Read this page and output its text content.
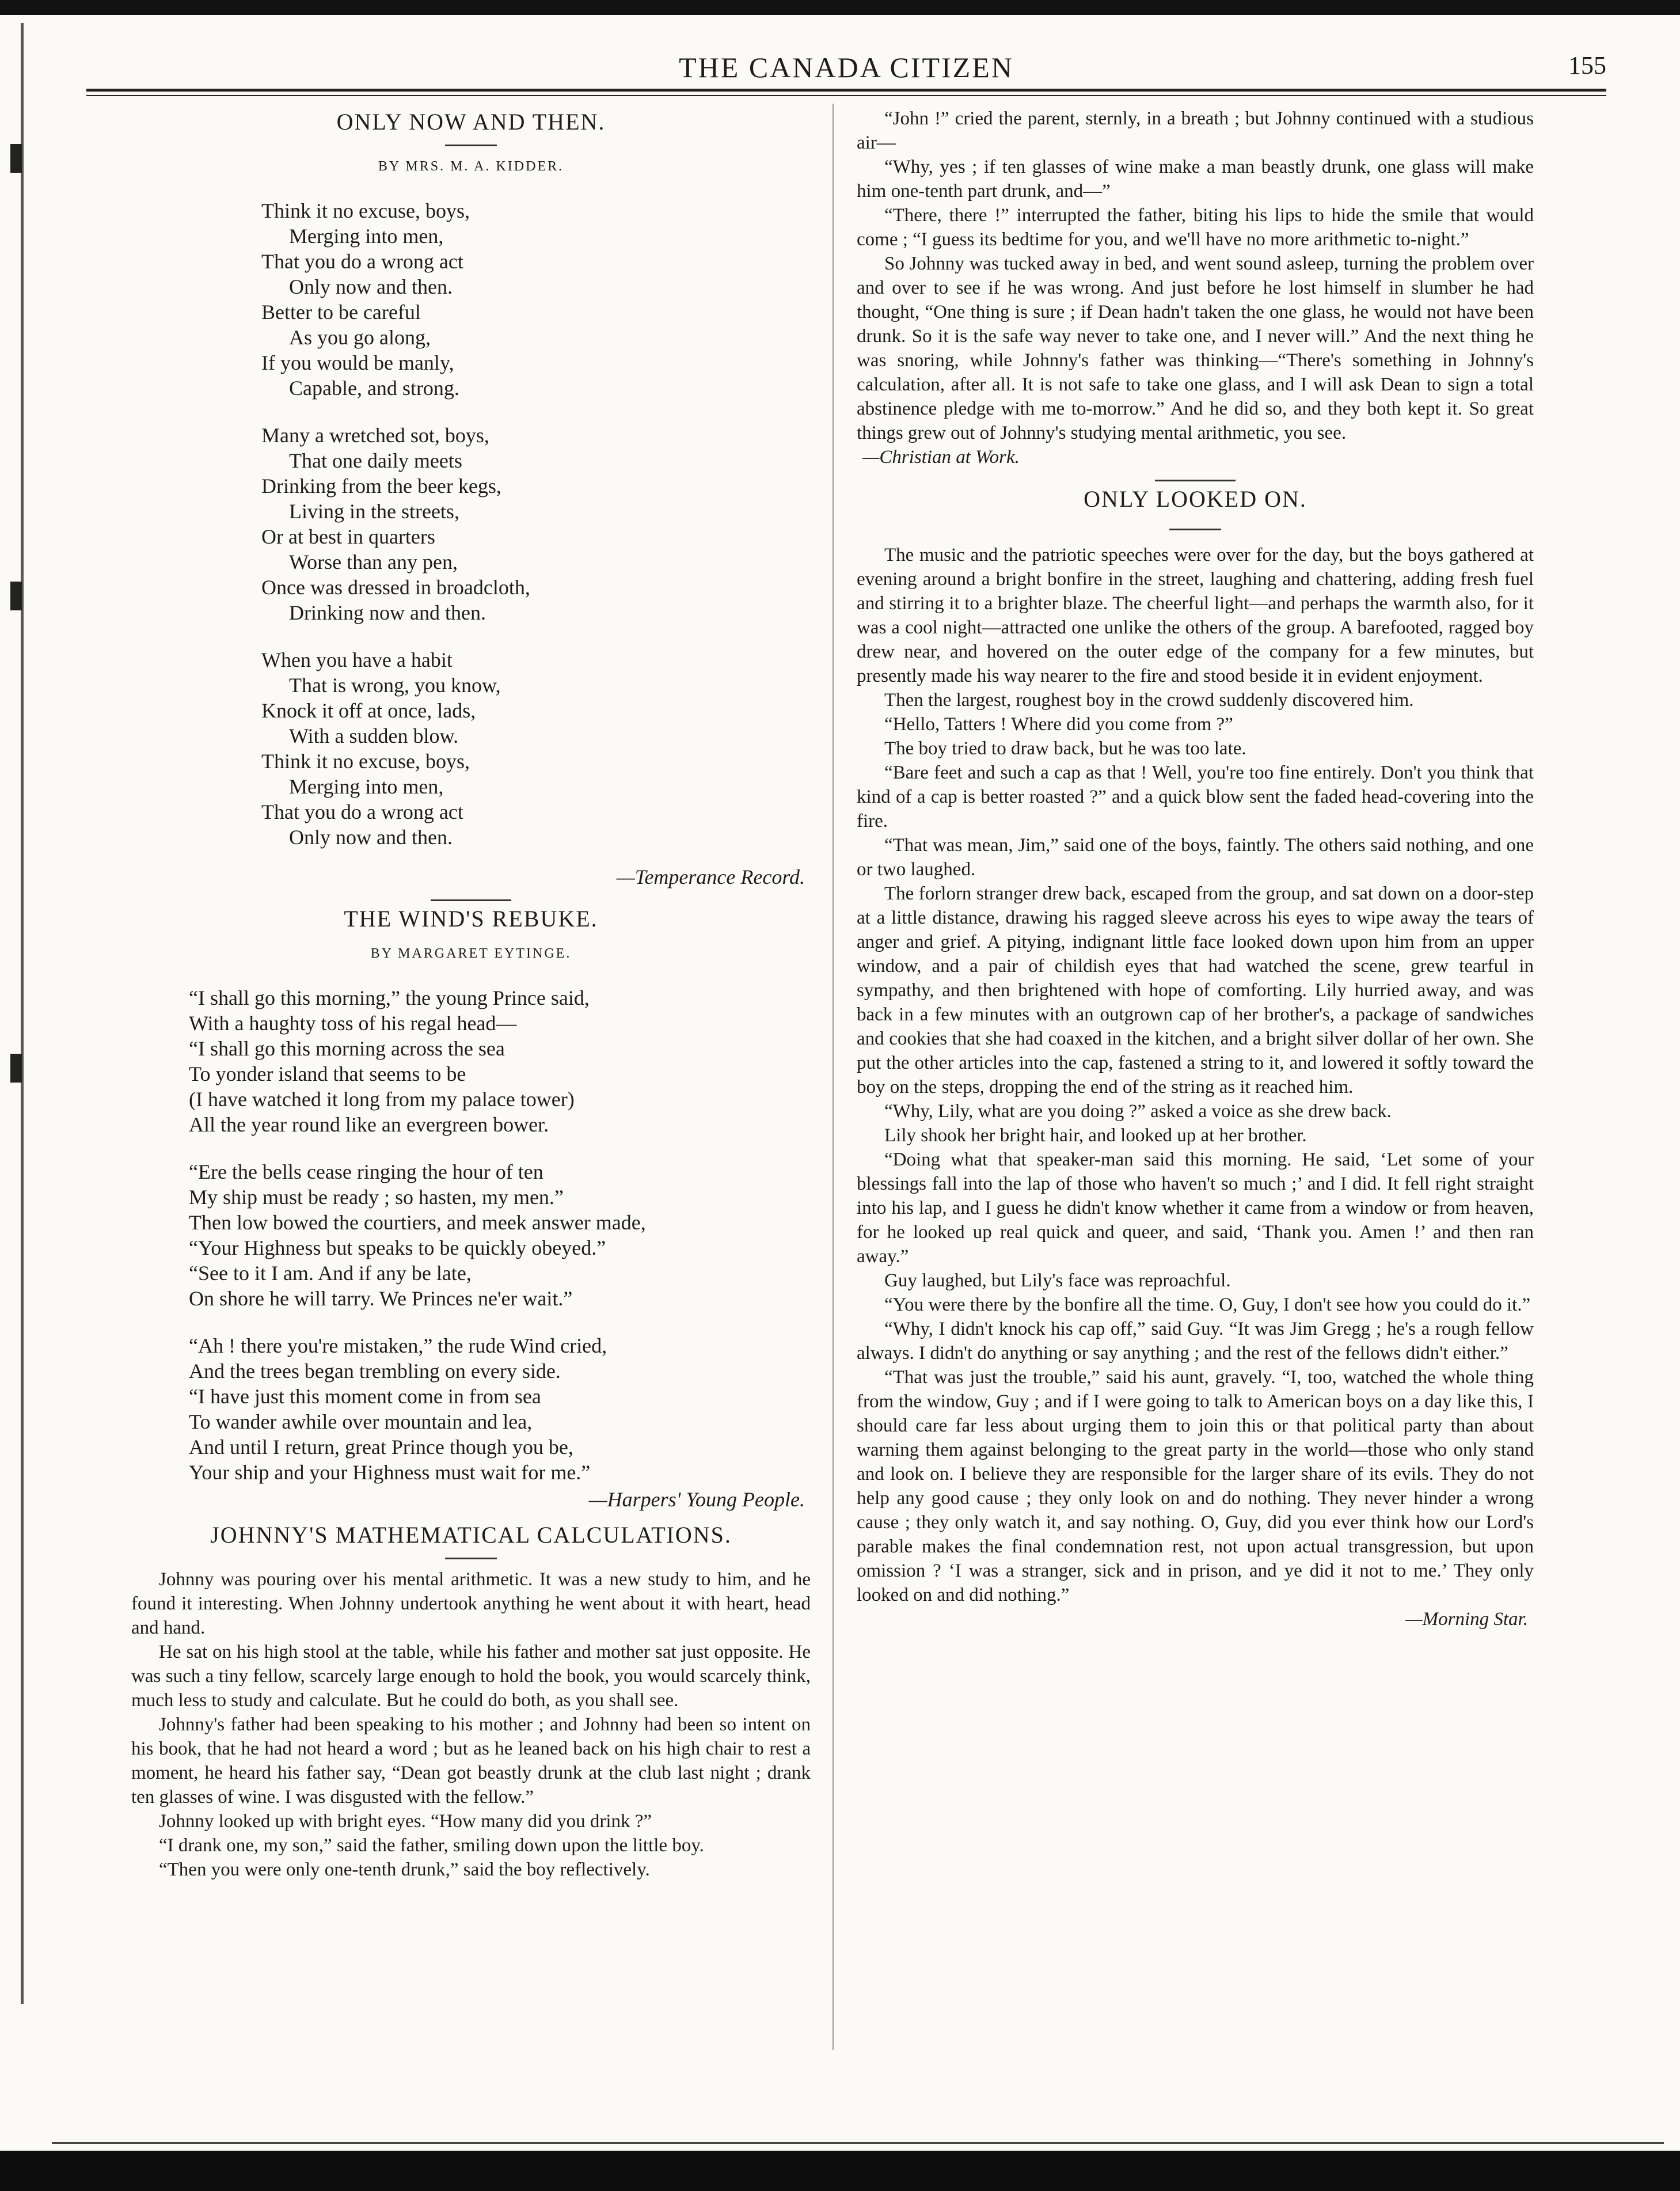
THE CANADA CITIZEN	155
ONLY NOW AND THEN.
BY MRS. M. A. KIDDER.
Think it no excuse, boys,
Merging into men,
That you do a wrong act
Only now and then.
Better to be careful
As you go along,
If you would be manly,
Capable, and strong.
Many a wretched sot, boys,
That one daily meets
Drinking from the beer kegs,
Living in the streets,
Or at best in quarters
Worse than any pen,
Once was dressed in broadcloth,
Drinking now and then.
When you have a habit
That is wrong, you know,
Knock it off at once, lads,
With a sudden blow.
Think it no excuse, boys,
Merging into men,
That you do a wrong act
Only now and then.
—Temperance Record.
THE WIND'S REBUKE.
BY MARGARET EYTINGE.
“I shall go this morning,” the young Prince said,
With a haughty toss of his regal head—
“I shall go this morning across the sea
To yonder island that seems to be
(I have watched it long from my palace tower)
All the year round like an evergreen bower.
“Ere the bells cease ringing the hour of ten
My ship must be ready ; so hasten, my men.”
Then low bowed the courtiers, and meek answer made,
“Your Highness but speaks to be quickly obeyed.”
“See to it I am. And if any be late,
On shore he will tarry. We Princes ne'er wait.”
“Ah ! there you're mistaken,” the rude Wind cried,
And the trees began trembling on every side.
“I have just this moment come in from sea
To wander awhile over mountain and lea,
And until I return, great Prince though you be,
Your ship and your Highness must wait for me.”
—Harpers' Young People.
JOHNNY'S MATHEMATICAL CALCULATIONS.

Johnny was pouring over his mental arithmetic. It was a new study to him, and he found it interesting. When Johnny undertook anything he went about it with heart, head and hand.

He sat on his high stool at the table, while his father and mother sat just opposite. He was such a tiny fellow, scarcely large enough to hold the book, you would scarcely think, much less to study and calculate. But he could do both, as you shall see.

Johnny's father had been speaking to his mother ; and Johnny had been so intent on his book, that he had not heard a word ; but as he leaned back on his high chair to rest a moment, he heard his father say, “Dean got beastly drunk at the club last night ; drank ten glasses of wine. I was disgusted with the fellow.”

Johnny looked up with bright eyes. “How many did you drink ?”

“I drank one, my son,” said the father, smiling down upon the little boy.

“Then you were only one-tenth drunk,” said the boy reflectively.

“John !” cried the parent, sternly, in a breath ; but Johnny continued with a studious air—

“Why, yes ; if ten glasses of wine make a man beastly drunk, one glass will make him one-tenth part drunk, and—”

“There, there !” interrupted the father, biting his lips to hide the smile that would come ; “I guess its bedtime for you, and we'll have no more arithmetic to-night.”

So Johnny was tucked away in bed, and went sound asleep, turning the problem over and over to see if he was wrong. And just before he lost himself in slumber he had thought, “One thing is sure ; if Dean hadn't taken the one glass, he would not have been drunk. So it is the safe way never to take one, and I never will.” And the next thing he was snoring, while Johnny's father was thinking—“There's something in Johnny's calculation, after all. It is not safe to take one glass, and I will ask Dean to sign a total abstinence pledge with me to-morrow.” And he did so, and they both kept it. So great things grew out of Johnny's studying mental arithmetic, you see.

—Christian at Work.
ONLY LOOKED ON.

The music and the patriotic speeches were over for the day, but the boys gathered at evening around a bright bonfire in the street, laughing and chattering, adding fresh fuel and stirring it to a brighter blaze. The cheerful light—and perhaps the warmth also, for it was a cool night—attracted one unlike the others of the group. A barefooted, ragged boy drew near, and hovered on the outer edge of the company for a few minutes, but presently made his way nearer to the fire and stood beside it in evident enjoyment.

Then the largest, roughest boy in the crowd suddenly discovered him.

“Hello, Tatters ! Where did you come from ?”

The boy tried to draw back, but he was too late.

“Bare feet and such a cap as that ! Well, you're too fine entirely. Don't you think that kind of a cap is better roasted ?” and a quick blow sent the faded head-covering into the fire.

“That was mean, Jim,” said one of the boys, faintly. The others said nothing, and one or two laughed.

The forlorn stranger drew back, escaped from the group, and sat down on a door-step at a little distance, drawing his ragged sleeve across his eyes to wipe away the tears of anger and grief. A pitying, indignant little face looked down upon him from an upper window, and a pair of childish eyes that had watched the scene, grew tearful in sympathy, and then brightened with hope of comforting. Lily hurried away, and was back in a few minutes with an outgrown cap of her brother's, a package of sandwiches and cookies that she had coaxed in the kitchen, and a bright silver dollar of her own. She put the other articles into the cap, fastened a string to it, and lowered it softly toward the boy on the steps, dropping the end of the string as it reached him.

“Why, Lily, what are you doing ?” asked a voice as she drew back.

Lily shook her bright hair, and looked up at her brother.

“Doing what that speaker-man said this morning. He said, ‘Let some of your blessings fall into the lap of those who haven't so much ;’ and I did. It fell right straight into his lap, and I guess he didn't know whether it came from a window or from heaven, for he looked up real quick and queer, and said, ‘Thank you. Amen !’ and then ran away.”

Guy laughed, but Lily's face was reproachful.

“You were there by the bonfire all the time. O, Guy, I don't see how you could do it.”

“Why, I didn't knock his cap off,” said Guy. “It was Jim Gregg ; he's a rough fellow always. I didn't do anything or say anything ; and the rest of the fellows didn't either.”

“That was just the trouble,” said his aunt, gravely. “I, too, watched the whole thing from the window, Guy ; and if I were going to talk to American boys on a day like this, I should care far less about urging them to join this or that political party than about warning them against belonging to the great party in the world—those who only stand and look on. I believe they are responsible for the larger share of its evils. They do not help any good cause ; they only look on and do nothing. They never hinder a wrong cause ; they only watch it, and say nothing. O, Guy, did you ever think how our Lord's parable makes the final condemnation rest, not upon actual transgression, but upon omission ? ‘I was a stranger, sick and in prison, and ye did it not to me.’ They only looked on and did nothing.”

—Morning Star.
